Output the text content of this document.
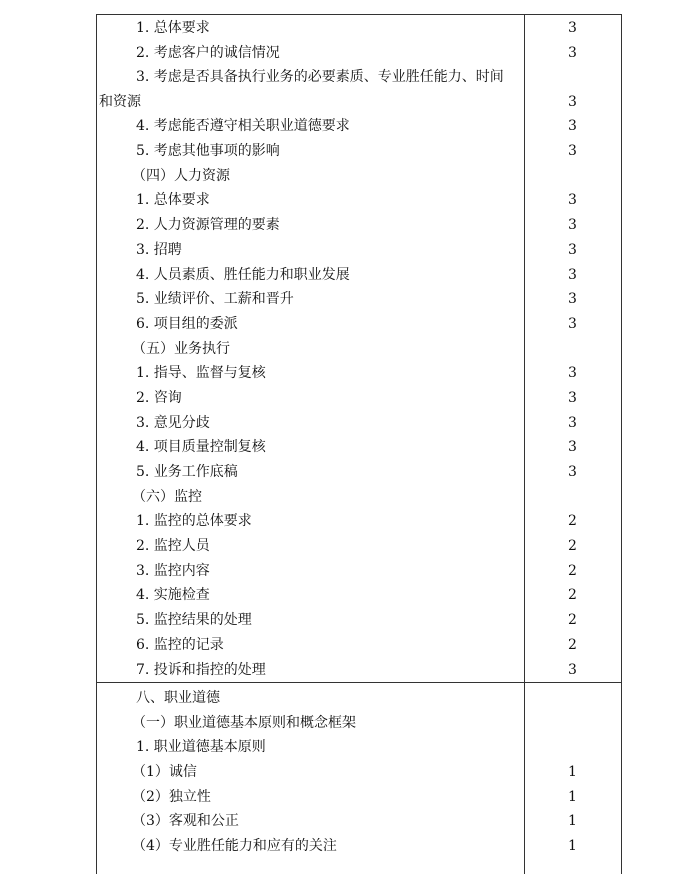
1. 总体要求	3
2. 考虑客户的诚信情况	3
3. 考虑是否具备执行业务的必要素质、专业胜任能力、时间
和资源	3
4. 考虑能否遵守相关职业道德要求	3
5. 考虑其他事项的影响	3
（四）人力资源
1. 总体要求	3
2. 人力资源管理的要素	3
3. 招聘	3
4. 人员素质、胜任能力和职业发展	3
5. 业绩评价、工薪和晋升	3
6. 项目组的委派	3
（五）业务执行
1. 指导、监督与复核	3
2. 咨询	3
3. 意见分歧	3
4. 项目质量控制复核	3
5. 业务工作底稿	3
（六）监控
1. 监控的总体要求	2
2. 监控人员	2
3. 监控内容	2
4. 实施检查	2
5. 监控结果的处理	2
6. 监控的记录	2
7. 投诉和指控的处理	3
八、职业道德
（一）职业道德基本原则和概念框架
1. 职业道德基本原则
（1）诚信	1
（2）独立性	1
（3）客观和公正	1
（4）专业胜任能力和应有的关注	1
